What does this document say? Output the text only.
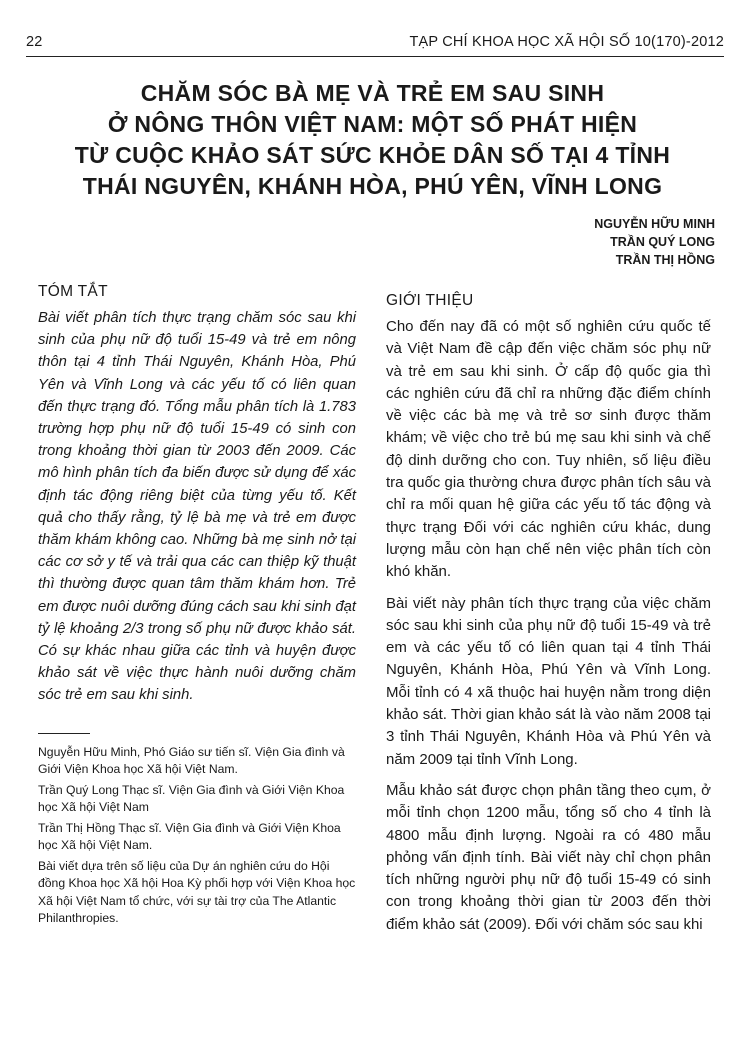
22	TẠP CHÍ KHOA HỌC XÃ HỘI SỐ 10(170)-2012
CHĂM SÓC BÀ MẸ VÀ TRẺ EM SAU SINH
Ở NÔNG THÔN VIỆT NAM: MỘT SỐ PHÁT HIỆN
TỪ CUỘC KHẢO SÁT SỨC KHỎE DÂN SỐ TẠI 4 TỈNH
THÁI NGUYÊN, KHÁNH HÒA, PHÚ YÊN, VĨNH LONG
NGUYỄN HỮU MINH
TRẦN QUÝ LONG
TRẦN THỊ HỒNG
TÓM TẮT
Bài viết phân tích thực trạng chăm sóc sau khi sinh của phụ nữ độ tuổi 15-49 và trẻ em nông thôn tại 4 tỉnh Thái Nguyên, Khánh Hòa, Phú Yên và Vĩnh Long và các yếu tố có liên quan đến thực trạng đó. Tổng mẫu phân tích là 1.783 trường hợp phụ nữ độ tuổi 15-49 có sinh con trong khoảng thời gian từ 2003 đến 2009. Các mô hình phân tích đa biến được sử dụng để xác định tác động riêng biệt của từng yếu tố. Kết quả cho thấy rằng, tỷ lệ bà mẹ và trẻ em được thăm khám không cao. Những bà mẹ sinh nở tại các cơ sở y tế và trải qua các can thiệp kỹ thuật thì thường được quan tâm thăm khám hơn. Trẻ em được nuôi dưỡng đúng cách sau khi sinh đạt tỷ lệ khoảng 2/3 trong số phụ nữ được khảo sát. Có sự khác nhau giữa các tỉnh và huyện được khảo sát về việc thực hành nuôi dưỡng chăm sóc trẻ em sau khi sinh.
Nguyễn Hữu Minh, Phó Giáo sư tiến sĩ. Viện Gia đình và Giới Viện Khoa học Xã hội Việt Nam.
Trần Quý Long Thạc sĩ. Viện Gia đình và Giới Viện Khoa học Xã hội Việt Nam
Trần Thị Hồng Thạc sĩ. Viện Gia đình và Giới Viện Khoa học Xã hội Việt Nam.
Bài viết dựa trên số liệu của Dự án nghiên cứu do Hội đồng Khoa học Xã hội Hoa Kỳ phối hợp với Viện Khoa học Xã hội Việt Nam tổ chức, với sự tài trợ của The Atlantic Philanthropies.
GIỚI THIỆU

Cho đến nay đã có một số nghiên cứu quốc tế và Việt Nam đề cập đến việc chăm sóc phụ nữ và trẻ em sau khi sinh. Ở cấp độ quốc gia thì các nghiên cứu đã chỉ ra những đặc điểm chính về việc các bà mẹ và trẻ sơ sinh được thăm khám; về việc cho trẻ bú mẹ sau khi sinh và chế độ dinh dưỡng cho con. Tuy nhiên, số liệu điều tra quốc gia thường chưa được phân tích sâu và chỉ ra mối quan hệ giữa các yếu tố tác động và thực trạng Đối với các nghiên cứu khác, dung lượng mẫu còn hạn chế nên việc phân tích còn khó khăn.

Bài viết này phân tích thực trạng của việc chăm sóc sau khi sinh của phụ nữ độ tuổi 15-49 và trẻ em và các yếu tố có liên quan tại 4 tỉnh Thái Nguyên, Khánh Hòa, Phú Yên và Vĩnh Long. Mỗi tỉnh có 4 xã thuộc hai huyện nằm trong diện khảo sát. Thời gian khảo sát là vào năm 2008 tại 3 tỉnh Thái Nguyên, Khánh Hòa và Phú Yên và năm 2009 tại tỉnh Vĩnh Long.

Mẫu khảo sát được chọn phân tầng theo cụm, ở mỗi tỉnh chọn 1200 mẫu, tổng số cho 4 tỉnh là 4800 mẫu định lượng. Ngoài ra có 480 mẫu phỏng vấn định tính. Bài viết này chỉ chọn phân tích những người phụ nữ độ tuổi 15-49 có sinh con trong khoảng thời gian từ 2003 đến thời điểm khảo sát (2009). Đối với chăm sóc sau khi
